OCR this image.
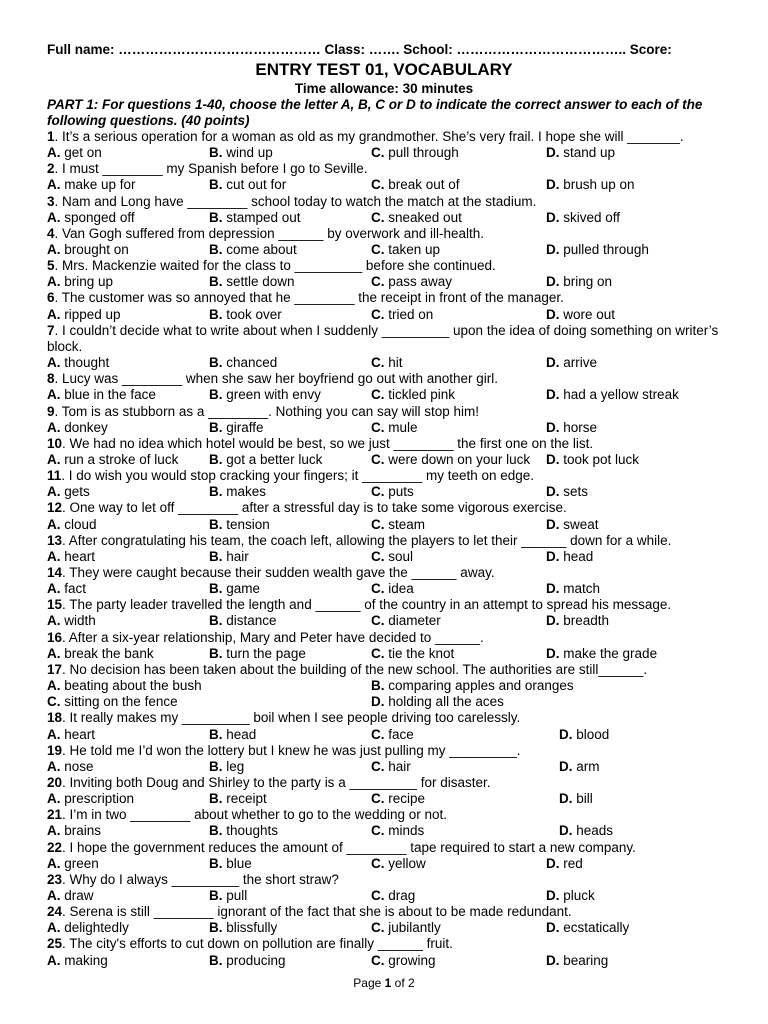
Full name: ……………………………………… Class: ……. School: ……………………………….. Score:
ENTRY TEST 01, VOCABULARY
Time allowance: 30 minutes
PART 1: For questions 1-40, choose the letter A, B, C or D to indicate the correct answer to each of the following questions. (40 points)
1. It’s a serious operation for a woman as old as my grandmother. She’s very frail. I hope she will _______.
A. get on	B. wind up	C. pull through	D. stand up
2. I must ________ my Spanish before I go to Seville.
A. make up for	B. cut out for	C. break out of	D. brush up on
3. Nam and Long have ________ school today to watch the match at the stadium.
A. sponged off	B. stamped out	C. sneaked out	D. skived off
4. Van Gogh suffered from depression ______ by overwork and ill-health.
A. brought on	B. come about	C. taken up	D. pulled through
5. Mrs. Mackenzie waited for the class to _________ before she continued.
A. bring up	B. settle down	C. pass away	D. bring on
6. The customer was so annoyed that he ________ the receipt in front of the manager.
A. ripped up	B. took over	C. tried on	D. wore out
7. I couldn’t decide what to write about when I suddenly _________ upon the idea of doing something on writer’s block.
A. thought	B. chanced	C. hit	D. arrive
8. Lucy was ________ when she saw her boyfriend go out with another girl.
A. blue in the face	B. green with envy	C. tickled pink	D. had a yellow streak
9. Tom is as stubborn as a ________. Nothing you can say will stop him!
A. donkey	B. giraffe	C. mule	D. horse
10. We had no idea which hotel would be best, so we just ________ the first one on the list.
A. run a stroke of luck B. got a better luck	C. were down on your luck D. took pot luck
11. I do wish you would stop cracking your fingers; it ________ my teeth on edge.
A. gets	B. makes	C. puts	D. sets
12. One way to let off ________ after a stressful day is to take some vigorous exercise.
A. cloud	B. tension	C. steam	D. sweat
13. After congratulating his team, the coach left, allowing the players to let their ______ down for a while.
A. heart	B. hair	C. soul	D. head
14. They were caught because their sudden wealth gave the ______ away.
A. fact	B. game	C. idea	D. match
15. The party leader travelled the length and ______ of the country in an attempt to spread his message.
A. width	B. distance	C. diameter	D. breadth
16. After a six-year relationship, Mary and Peter have decided to ______.
A. break the bank	B. turn the page	C. tie the knot	D. make the grade
17. No decision has been taken about the building of the new school. The authorities are still______.
A. beating about the bush	B. comparing apples and oranges
C. sitting on the fence	D. holding all the aces
18. It really makes my _________ boil when I see people driving too carelessly.
A. heart	B. head	C. face	D. blood
19. He told me I’d won the lottery but I knew he was just pulling my _________.
A. nose	B. leg	C. hair	D. arm
20. Inviting both Doug and Shirley to the party is a _________ for disaster.
A. prescription	B. receipt	C. recipe	D. bill
21. I’m in two ________ about whether to go to the wedding or not.
A. brains	B. thoughts	C. minds	D. heads
22. I hope the government reduces the amount of ________ tape required to start a new company.
A. green	B. blue	C. yellow	D. red
23. Why do I always _________ the short straw?
A. draw	B. pull	C. drag	D. pluck
24. Serena is still ________ ignorant of the fact that she is about to be made redundant.
A. delightedly	B. blissfully	C. jubilantly	D. ecstatically
25. The city's efforts to cut down on pollution are finally ______ fruit.
A. making	B. producing	C. growing	D. bearing
Page 1 of 2
